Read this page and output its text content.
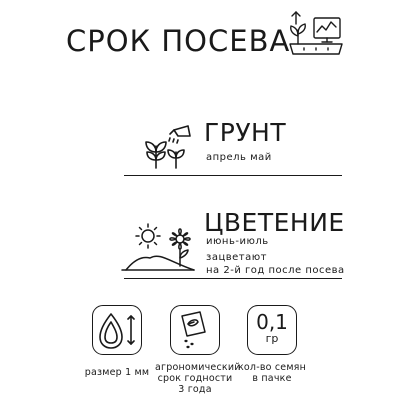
СРОК ПОСЕВА
ГРУНТ
апрель май
ЦВЕТЕНИЕ
июнь-июль
зацветают
на 2-й год после посева
размер 1 мм агрономический
срок годности
3 года
0,1
гр
кол-во семян
в пачке
